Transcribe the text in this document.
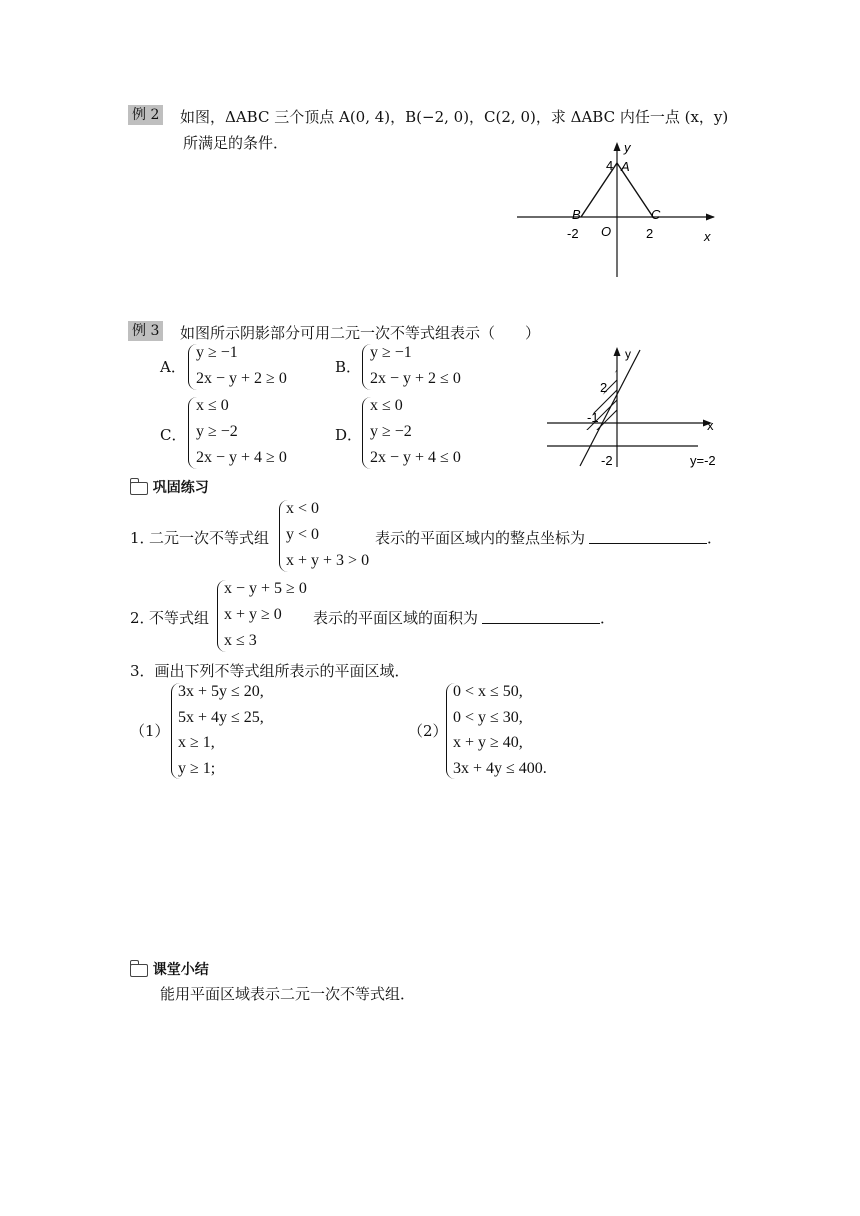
例 2 如图，ΔABC 三个顶点 A(0, 4)，B(−2, 0)，C(2, 0)，求 ΔABC 内任一点 (x，y)
所满足的条件．	y
4 A
B	C
-2 O	2	x
例 3 如图所示阴影部分可用二元一次不等式组表示（　　）
A．
y ≥ −1
2x − y + 2 ≥ 0
B．
y ≥ −1
2x − y + 2 ≤ 0
C．
x ≤ 0
y ≥ −2
2x − y + 4 ≥ 0
D．
x ≤ 0
y ≥ −2
2x − y + 4 ≤ 0
y
2
-1
x
-2	y=-2
巩固练习
1．
二元一次不等式组
x < 0
y < 0
x + y + 3 > 0
表示的平面区域内的整点坐标为	．
2．
不等式组
x − y + 5 ≥ 0
x + y ≥ 0
x ≤ 3
表示的平面区域的面积为	．
3．画出下列不等式组所表示的平面区域．
（1）
3x + 5y ≤ 20,
5x + 4y ≤ 25,
x ≥ 1,
y ≥ 1;
（2）
0 < x ≤ 50,
0 < y ≤ 30,
x + y ≥ 40,
3x + 4y ≤ 400.
课堂小结
能用平面区域表示二元一次不等式组．
